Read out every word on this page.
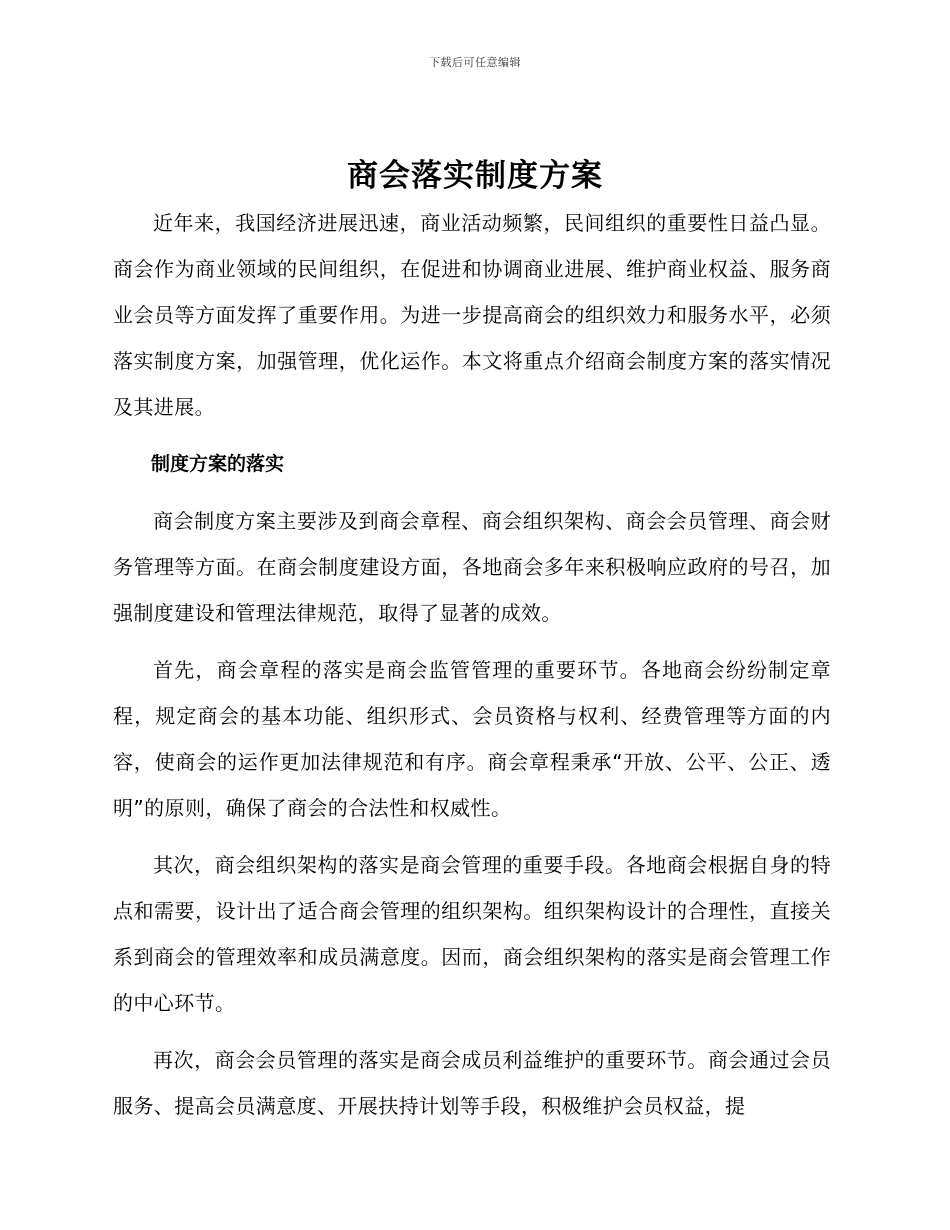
下载后可任意编辑
商会落实制度方案

近年来，我国经济进展迅速，商业活动频繁，民间组织的重要性日益凸显。商会作为商业领域的民间组织，在促进和协调商业进展、维护商业权益、服务商业会员等方面发挥了重要作用。为进一步提高商会的组织效力和服务水平，必须落实制度方案，加强管理，优化运作。本文将重点介绍商会制度方案的落实情况及其进展。

制度方案的落实

商会制度方案主要涉及到商会章程、商会组织架构、商会会员管理、商会财务管理等方面。在商会制度建设方面，各地商会多年来积极响应政府的号召，加强制度建设和管理法律规范，取得了显著的成效。

首先，商会章程的落实是商会监管管理的重要环节。各地商会纷纷制定章程，规定商会的基本功能、组织形式、会员资格与权利、经费管理等方面的内容，使商会的运作更加法律规范和有序。商会章程秉承“开放、公平、公正、透明”的原则，确保了商会的合法性和权威性。

其次，商会组织架构的落实是商会管理的重要手段。各地商会根据自身的特点和需要，设计出了适合商会管理的组织架构。组织架构设计的合理性，直接关系到商会的管理效率和成员满意度。因而，商会组织架构的落实是商会管理工作的中心环节。

再次，商会会员管理的落实是商会成员利益维护的重要环节。商会通过会员服务、提高会员满意度、开展扶持计划等手段，积极维护会员权益，提
